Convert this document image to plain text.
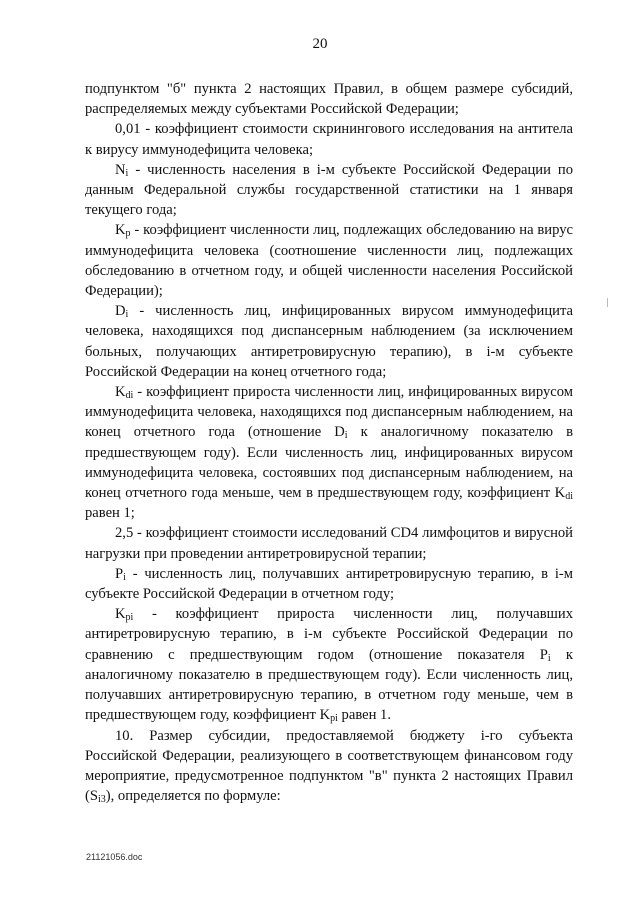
20

подпунктом "б" пункта 2 настоящих Правил, в общем размере субсидий, распределяемых между субъектами Российской Федерации;

0,01 - коэффициент стоимости скринингового исследования на антитела к вирусу иммунодефицита человека;

$N_i$ - численность населения в i-м субъекте Российской Федерации по данным Федеральной службы государственной статистики на 1 января текущего года;

$K_p$ - коэффициент численности лиц, подлежащих обследованию на вирус иммунодефицита человека (соотношение численности лиц, подлежащих обследованию в отчетном году, и общей численности населения Российской Федерации);

$D_i$ - численность лиц, инфицированных вирусом иммунодефицита человека, находящихся под диспансерным наблюдением (за исключением больных, получающих антиретровирусную терапию), в i-м субъекте Российской Федерации на конец отчетного года;

$K_{di}$ - коэффициент прироста численности лиц, инфицированных вирусом иммунодефицита человека, находящихся под диспансерным наблюдением, на конец отчетного года (отношение $D_i$ к аналогичному показателю в предшествующем году). Если численность лиц, инфицированных вирусом иммунодефицита человека, состоявших под диспансерным наблюдением, на конец отчетного года меньше, чем в предшествующем году, коэффициент $K_{di}$ равен 1;

2,5 - коэффициент стоимости исследований CD4 лимфоцитов и вирусной нагрузки при проведении антиретровирусной терапии;

$P_i$ - численность лиц, получавших антиретровирусную терапию, в i-м субъекте Российской Федерации в отчетном году;

$K_{pi}$ - коэффициент прироста численности лиц, получавших антиретровирусную терапию, в i-м субъекте Российской Федерации по сравнению с предшествующим годом (отношение показателя $P_i$ к аналогичному показателю в предшествующем году). Если численность лиц, получавших антиретровирусную терапию, в отчетном году меньше, чем в предшествующем году, коэффициент $K_{pi}$ равен 1.

10. Размер субсидии, предоставляемой бюджету i-го субъекта Российской Федерации, реализующего в соответствующем финансовом году мероприятие, предусмотренное подпунктом "в" пункта 2 настоящих Правил $(S_{i3})$, определяется по формуле:

21121056.doc
